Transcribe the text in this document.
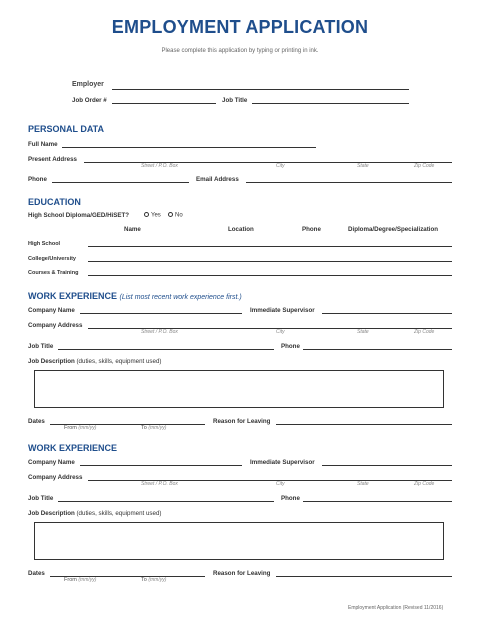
EMPLOYMENT APPLICATION
Please complete this application by typing or printing in ink.
Employer
Job Order #	Job Title
PERSONAL DATA
Full Name
Present Address
Street / P.O. Box	City	State	Zip Code
Phone	Email Address
EDUCATION
High School Diploma/GED/HiSET?	Yes	No
Name	Location	Phone	Diploma/Degree/Specialization
High School
College/University
Courses & Training
WORK EXPERIENCE (List most recent work experience first.)
Company Name	Immediate Supervisor
Company Address
Street / P.O. Box	City	State	Zip Code
Job Title	Phone
Job Description (duties, skills, equipment used)
Dates
From (mm/yy)	To (mm/yy)
Reason for Leaving
WORK EXPERIENCE
Company Name	Immediate Supervisor
Company Address
Street / P.O. Box	City	State	Zip Code
Job Title	Phone
Job Description (duties, skills, equipment used)
Dates
From (mm/yy)	To (mm/yy)
Reason for Leaving
Employment Application (Revised 11/2016)
